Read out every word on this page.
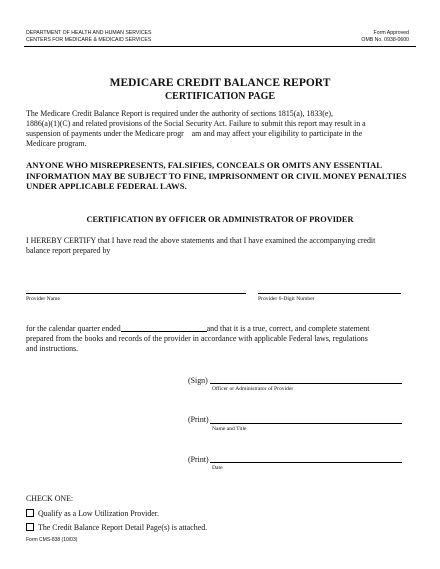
DEPARTMENT OF HEALTH AND HUMAN SERVICES
CENTERS FOR MEDICARE & MEDICAID SERVICES
Form Approved
OMB No. 0938-0600
MEDICARE CREDIT BALANCE REPORT
CERTIFICATION PAGE
The Medicare Credit Balance Report is required under the authority of sections 1815(a), 1833(e),
1886(a)(1)(C) and related provisions of the Social Security Act. Failure to submit this report may result in a
suspension of payments under the Medicare progr    am and may affect your eligibility to participate in the
Medicare program.
ANYONE WHO MISREPRESENTS, FALSIFIES, CONCEALS OR OMITS ANY ESSENTIAL
INFORMATION MAY BE SUBJECT TO FINE, IMPRISONMENT OR CIVIL MONEY PENALTIES
UNDER APPLICABLE FEDERAL LAWS.
CERTIFICATION BY OFFICER OR ADMINISTRATOR OF PROVIDER
I HEREBY CERTIFY that I have read the above statements and that I have examined the accompanying credit
balance report prepared by
Provider Name	Provider 6-Digit Number
for the calendar quarter ended	and that it is a true, correct, and complete statement
prepared from the books and records of the provider in accordance with applicable Federal laws, regulations
and instructions.
(Sign)
Officer or Administrator of Provider
(Print)
Name and Title
(Print)
Date
CHECK ONE:
Qualify as a Low Utilization Provider.
The Credit Balance Report Detail Page(s) is attached.
Form CMS-838 (10/03)
